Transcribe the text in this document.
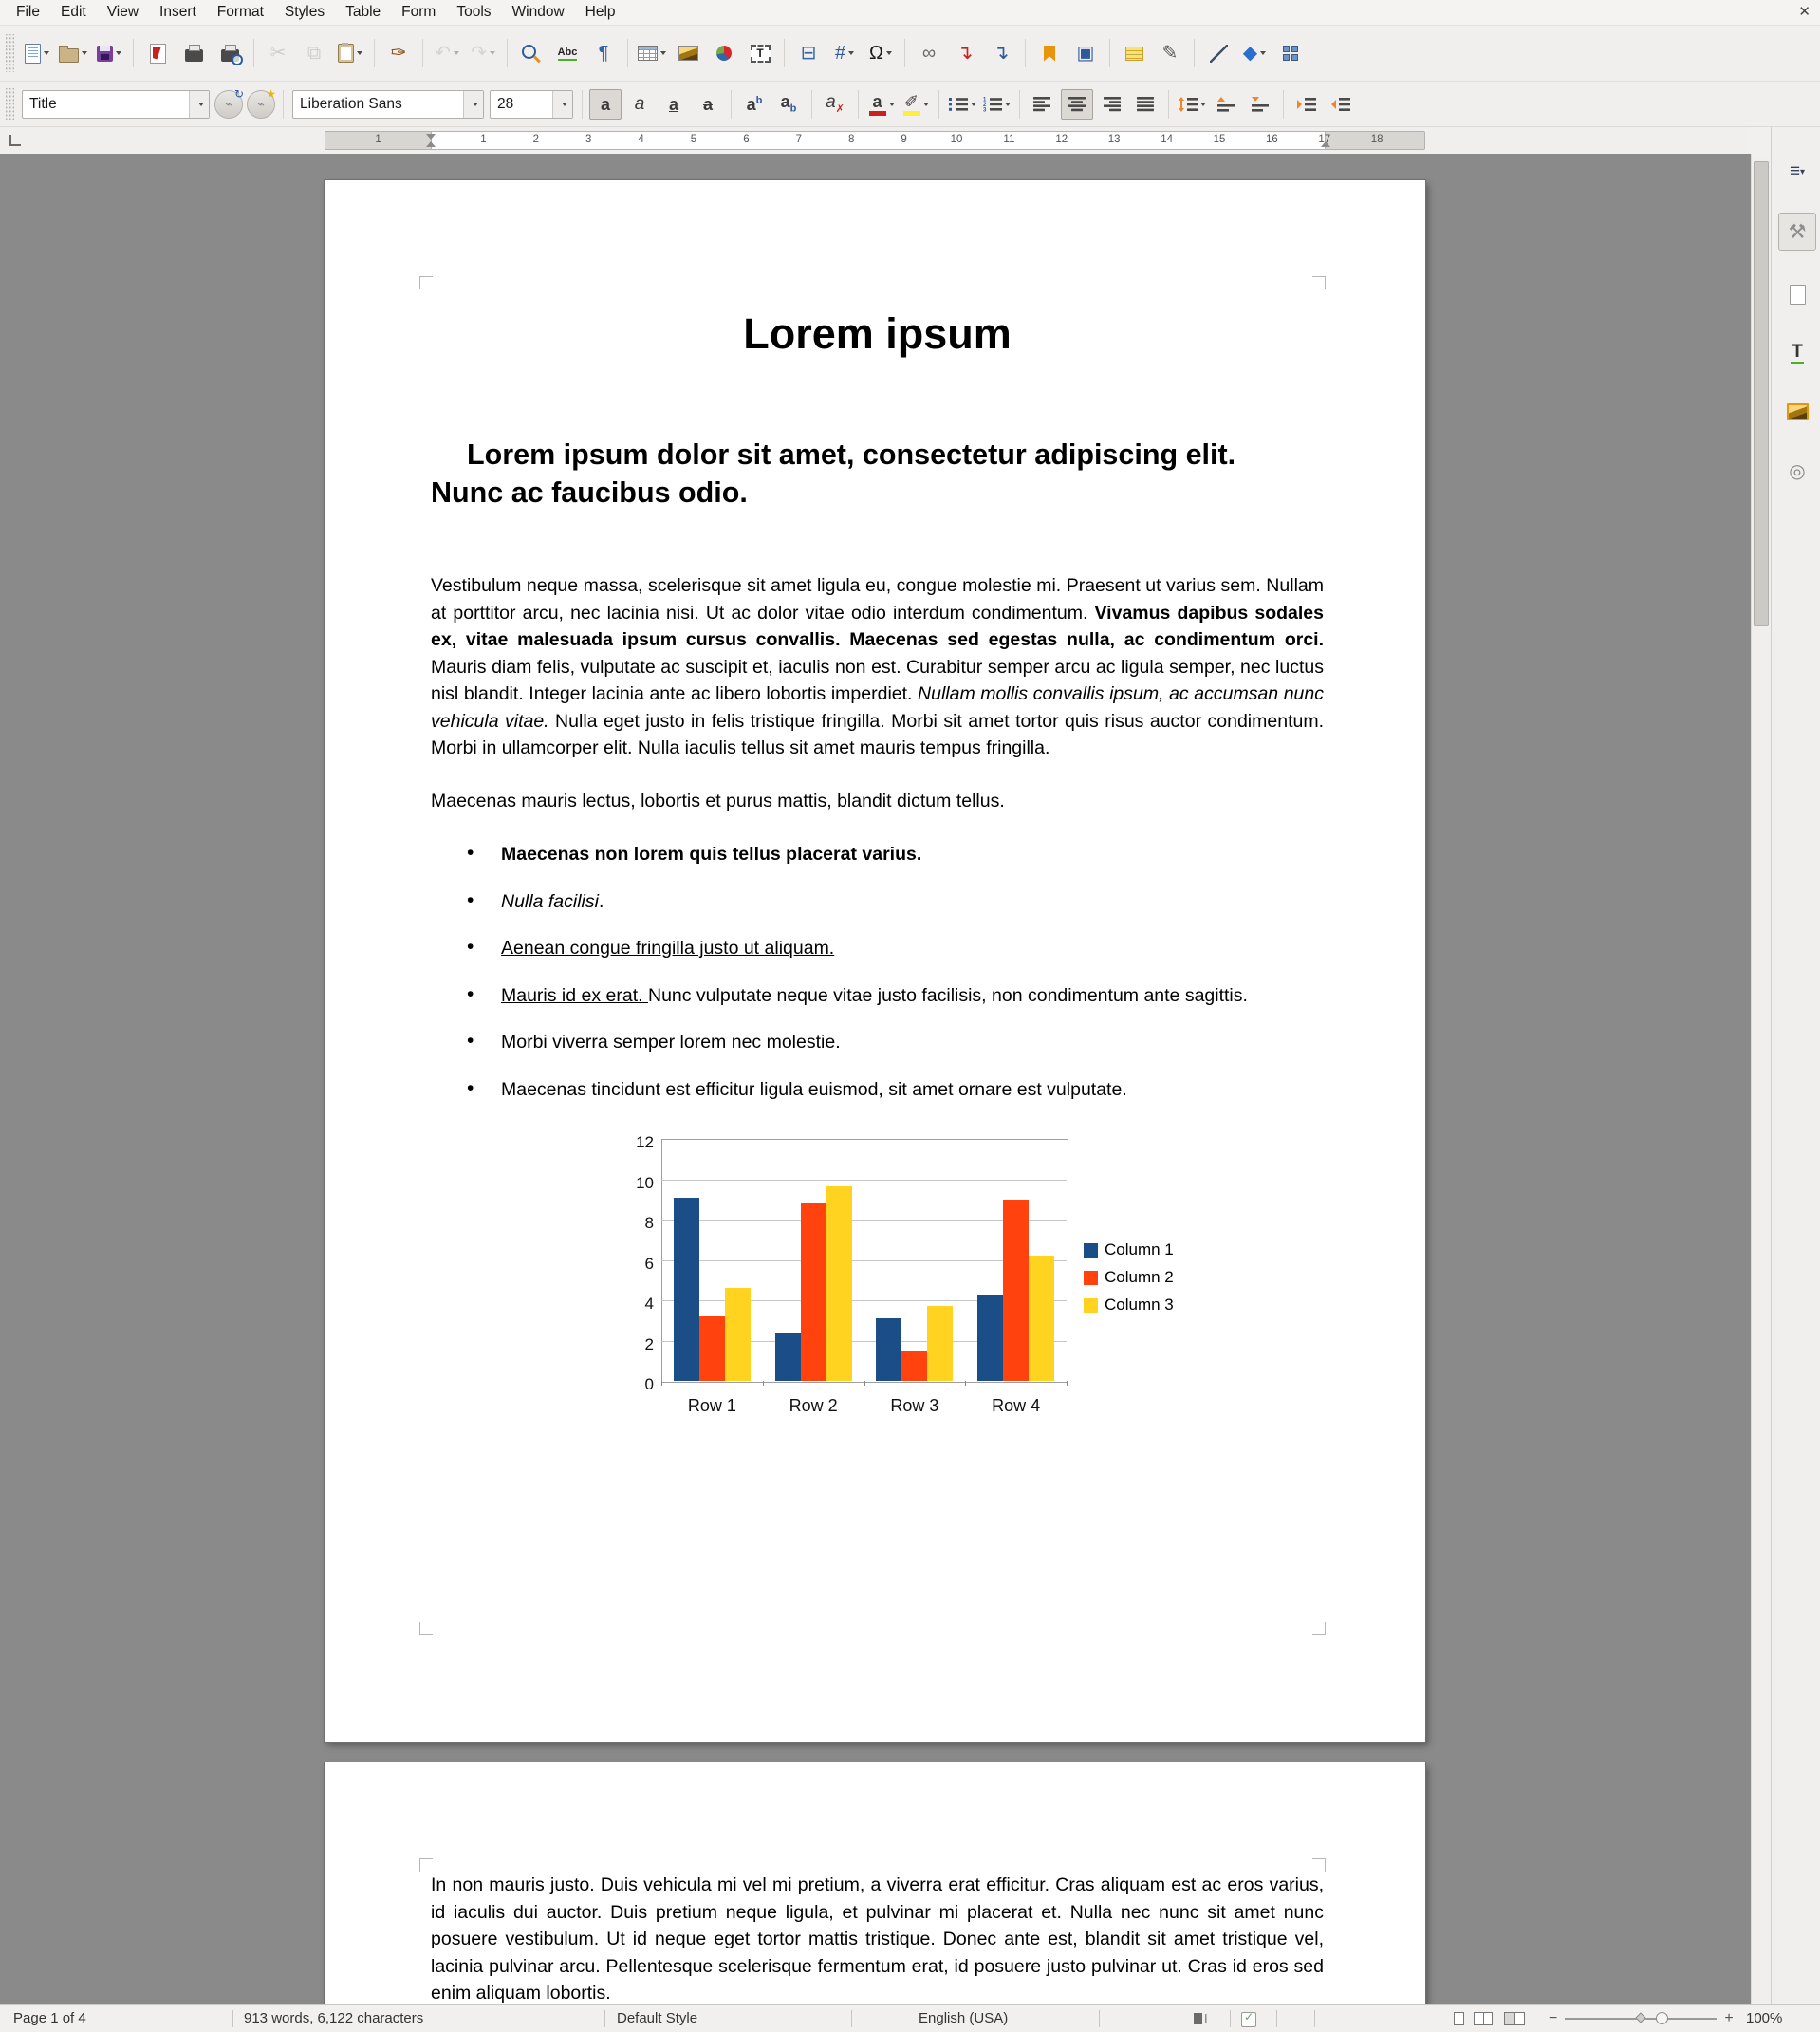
File	Edit	View	Insert	Format	Styles	Table	Form	Tools	Window	Help	✕
✂ ⧉	✑ ↶ ↷	Abc ¶	T	⊟ # Ω ∞ ↴ ↴	▣	✎	◆
Title	⌁
↻
⌁
★
Liberation Sans	28	a a a a $a^b$ $a_b$ $a_✗$ a ✐	1
2
3
1	1	2	3	4	5	6	7	8	9	10	11	12	13	14	15	16	17	18
Lorem ipsum
Lorem ipsum dolor sit amet, consectetur adipiscing elit. Nunc ac faucibus odio.

Vestibulum neque massa, scelerisque sit amet ligula eu, congue molestie mi. Praesent ut varius sem. Nullam at porttitor arcu, nec lacinia nisi. Ut ac dolor vitae odio interdum condimentum. Vivamus dapibus sodales ex, vitae malesuada ipsum cursus convallis. Maecenas sed egestas nulla, ac condimentum orci. Mauris diam felis, vulputate ac suscipit et, iaculis non est. Curabitur semper arcu ac ligula semper, nec luctus nisl blandit. Integer lacinia ante ac libero lobortis imperdiet. Nullam mollis convallis ipsum, ac accumsan nunc vehicula vitae. Nulla eget justo in felis tristique fringilla. Morbi sit amet tortor quis risus auctor condimentum. Morbi in ullamcorper elit. Nulla iaculis tellus sit amet mauris tempus fringilla.

Maecenas mauris lectus, lobortis et purus mattis, blandit dictum tellus.

• Maecenas non lorem quis tellus placerat varius.
• Nulla facilisi.
• Aenean congue fringilla justo ut aliquam.
• Mauris id ex erat. Nunc vulputate neque vitae justo facilisis, non condimentum ante sagittis.
• Morbi viverra semper lorem nec molestie.
• Maecenas tincidunt est efficitur ligula euismod, sit amet ornare est vulputate.
0
2
4
6
8
10
12
Row 1	Row 2	Row 3	Row 4
Column 1
Column 2
Column 3

In non mauris justo. Duis vehicula mi vel mi pretium, a viverra erat efficitur. Cras aliquam est ac eros varius, id iaculis dui auctor. Duis pretium neque ligula, et pulvinar mi placerat et. Nulla nec nunc sit amet nunc posuere vestibulum. Ut id neque eget tortor mattis tristique. Donec ante est, blandit sit amet tristique vel, lacinia pulvinar arcu. Pellentesque scelerisque fermentum erat, id posuere justo pulvinar ut. Cras id eros sed enim aliquam lobortis.

≡▾
⚒
T
◎
Page 1 of 4	913 words, 6,122 characters	Default Style	English (USA)	I ✓	−	+ 100%
